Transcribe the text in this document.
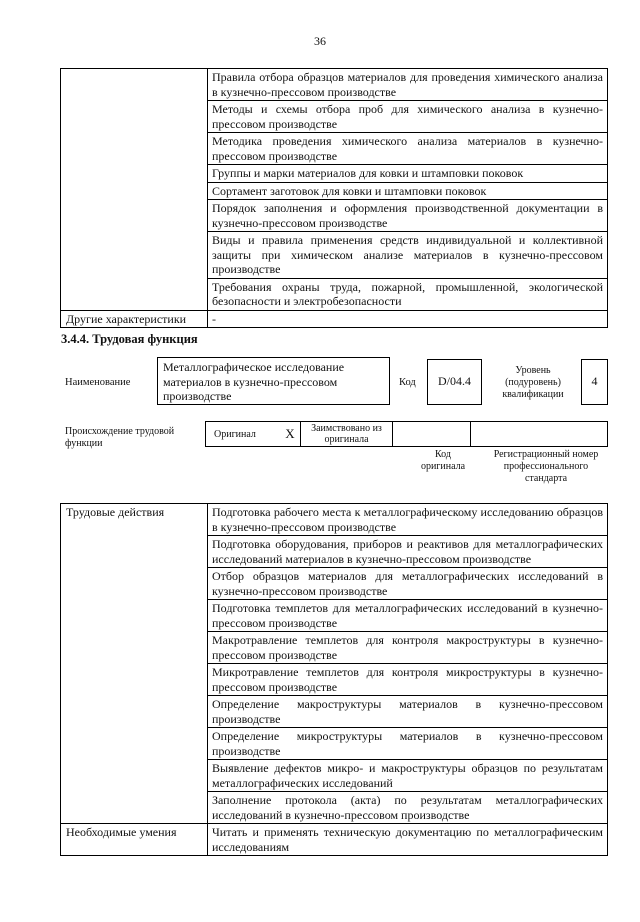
36
	Правила отбора образцов материалов для проведения химического анализа в кузнечно-прессовом производстве
	Методы и схемы отбора проб для химического анализа в кузнечно-прессовом производстве
	Методика проведения химического анализа материалов в кузнечно-прессовом производстве
	Группы и марки материалов для ковки и штамповки поковок
	Сортамент заготовок для ковки и штамповки поковок
	Порядок заполнения и оформления производственной документации в кузнечно-прессовом производстве
	Виды и правила применения средств индивидуальной и коллективной защиты при химическом анализе материалов в кузнечно-прессовом производстве
	Требования охраны труда, пожарной, промышленной, экологической безопасности и электробезопасности
Другие характеристики	-
3.4.4. Трудовая функция
Наименование
Металлографическое исследование материалов в кузнечно-прессовом производстве
Код	D/04.4
Уровень (подуровень) квалификации
4
Происхождение трудовой функции
Оригинал	X	Заимствовано из оригинала		
Код оригинала
Регистрационный номер профессионального стандарта
Трудовые действия	Подготовка рабочего места к металлографическому исследованию образцов в кузнечно-прессовом производстве
	Подготовка оборудования, приборов и реактивов для металлографических исследований материалов в кузнечно-прессовом производстве
	Отбор образцов материалов для металлографических исследований в кузнечно-прессовом производстве
	Подготовка темплетов для металлографических исследований в кузнечно-прессовом производстве
	Макротравление темплетов для контроля макроструктуры в кузнечно-прессовом производстве
	Микротравление темплетов для контроля микроструктуры в кузнечно-прессовом производстве
	Определение макроструктуры материалов в кузнечно-прессовом производстве
	Определение микроструктуры материалов в кузнечно-прессовом производстве
	Выявление дефектов микро- и макроструктуры образцов по результатам металлографических исследований
	Заполнение протокола (акта) по результатам металлографических исследований в кузнечно-прессовом производстве
Необходимые умения	Читать и применять техническую документацию по металлографическим исследованиям
